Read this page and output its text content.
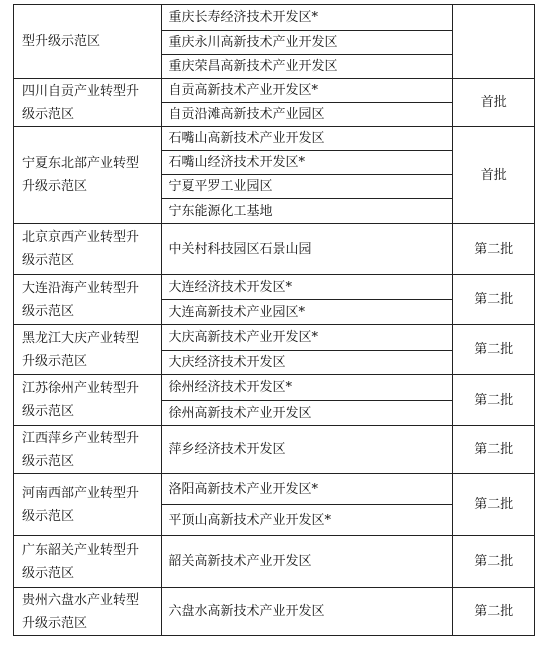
型升级示范区	重庆长寿经济技术开发区*	
	重庆永川高新技术产业开发区	
	重庆荣昌高新技术产业开发区	

四川自贡产业转型升
级示范区	自贡高新技术产业开发区*	首批
	自贡沿滩高新技术产业园区	

宁夏东北部产业转型
升级示范区	石嘴山高新技术产业开发区	首批
	石嘴山经济技术开发区*	
	宁夏平罗工业园区	
	宁东能源化工基地	

北京京西产业转型升
级示范区	中关村科技园区石景山园	第二批

大连沿海产业转型升
级示范区	大连经济技术开发区*	第二批
	大连高新技术产业园区*	

黑龙江大庆产业转型
升级示范区	大庆高新技术产业开发区*	第二批
	大庆经济技术开发区	

江苏徐州产业转型升
级示范区	徐州经济技术开发区*	第二批
	徐州高新技术产业开发区	

江西萍乡产业转型升
级示范区	萍乡经济技术开发区	第二批

河南西部产业转型升
级示范区	洛阳高新技术产业开发区*	第二批
	平顶山高新技术产业开发区*	

广东韶关产业转型升
级示范区	韶关高新技术产业开发区	第二批

贵州六盘水产业转型
升级示范区	六盘水高新技术产业开发区	第二批
